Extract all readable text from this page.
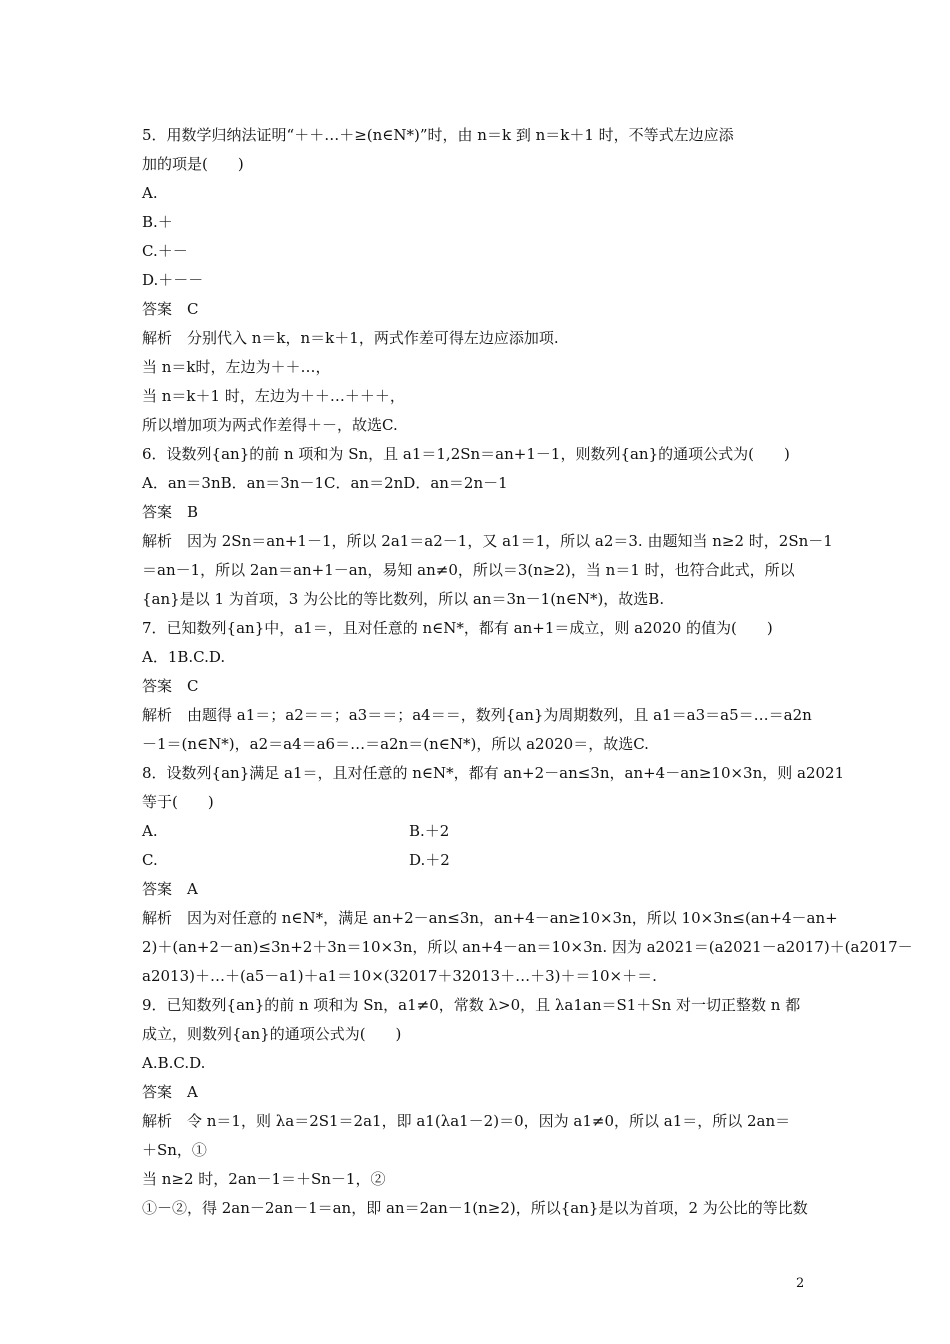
5．用数学归纳法证明“＋＋…＋≥(n∈N*)”时，由 n＝k 到 n＝k＋1 时，不等式左边应添
加的项是(　　)
A.
B.＋
C.＋－
D.＋－－
答案　C
解析　分别代入 n＝k，n＝k＋1，两式作差可得左边应添加项.
当 n＝k时，左边为＋＋…，
当 n＝k＋1 时，左边为＋＋…＋＋＋，
所以增加项为两式作差得＋－，故选C.
6．设数列{an}的前 n 项和为 Sn，且 a1＝1,2Sn＝an+1－1，则数列{an}的通项公式为(　　)
A．an＝3nB．an＝3n－1C．an＝2nD．an＝2n－1
答案　B
解析　因为 2Sn＝an+1－1，所以 2a1＝a2－1，又 a1＝1，所以 a2＝3. 由题知当 n≥2 时，2Sn－1
＝an－1，所以 2an＝an+1－an，易知 an≠0，所以＝3(n≥2)，当 n＝1 时，也符合此式，所以
{an}是以 1 为首项，3 为公比的等比数列，所以 an＝3n－1(n∈N*)，故选B.
7．已知数列{an}中，a1＝，且对任意的 n∈N*，都有 an+1＝成立，则 a2020 的值为(　　)
A．1B.C.D.
答案　C
解析　由题得 a1＝；a2＝＝；a3＝＝；a4＝＝，数列{an}为周期数列，且 a1＝a3＝a5＝…＝a2n
－1＝(n∈N*)，a2＝a4＝a6＝…＝a2n＝(n∈N*)，所以 a2020＝，故选C.
8．设数列{an}满足 a1＝，且对任意的 n∈N*，都有 an+2－an≤3n，an+4－an≥10×3n，则 a2021
等于(　　)
A.	B.＋2
C.	D.＋2
答案　A
解析　因为对任意的 n∈N*，满足 an+2－an≤3n，an+4－an≥10×3n，所以 10×3n≤(an+4－an+
2)＋(an+2－an)≤3n+2＋3n＝10×3n，所以 an+4－an＝10×3n. 因为 a2021＝(a2021－a2017)＋(a2017－
a2013)＋…＋(a5－a1)＋a1＝10×(32017＋32013＋…＋3)＋＝10×＋＝.
9．已知数列{an}的前 n 项和为 Sn，a1≠0，常数 λ>0，且 λa1an＝S1＋Sn 对一切正整数 n 都
成立，则数列{an}的通项公式为(　　)
A.B.C.D.
答案　A
解析　令 n＝1，则 λa＝2S1＝2a1，即 a1(λa1－2)＝0，因为 a1≠0，所以 a1＝，所以 2an＝
＋Sn，①
当 n≥2 时，2an－1＝＋Sn－1，②
①－②，得 2an－2an－1＝an，即 an＝2an－1(n≥2)，所以{an}是以为首项，2 为公比的等比数
2
